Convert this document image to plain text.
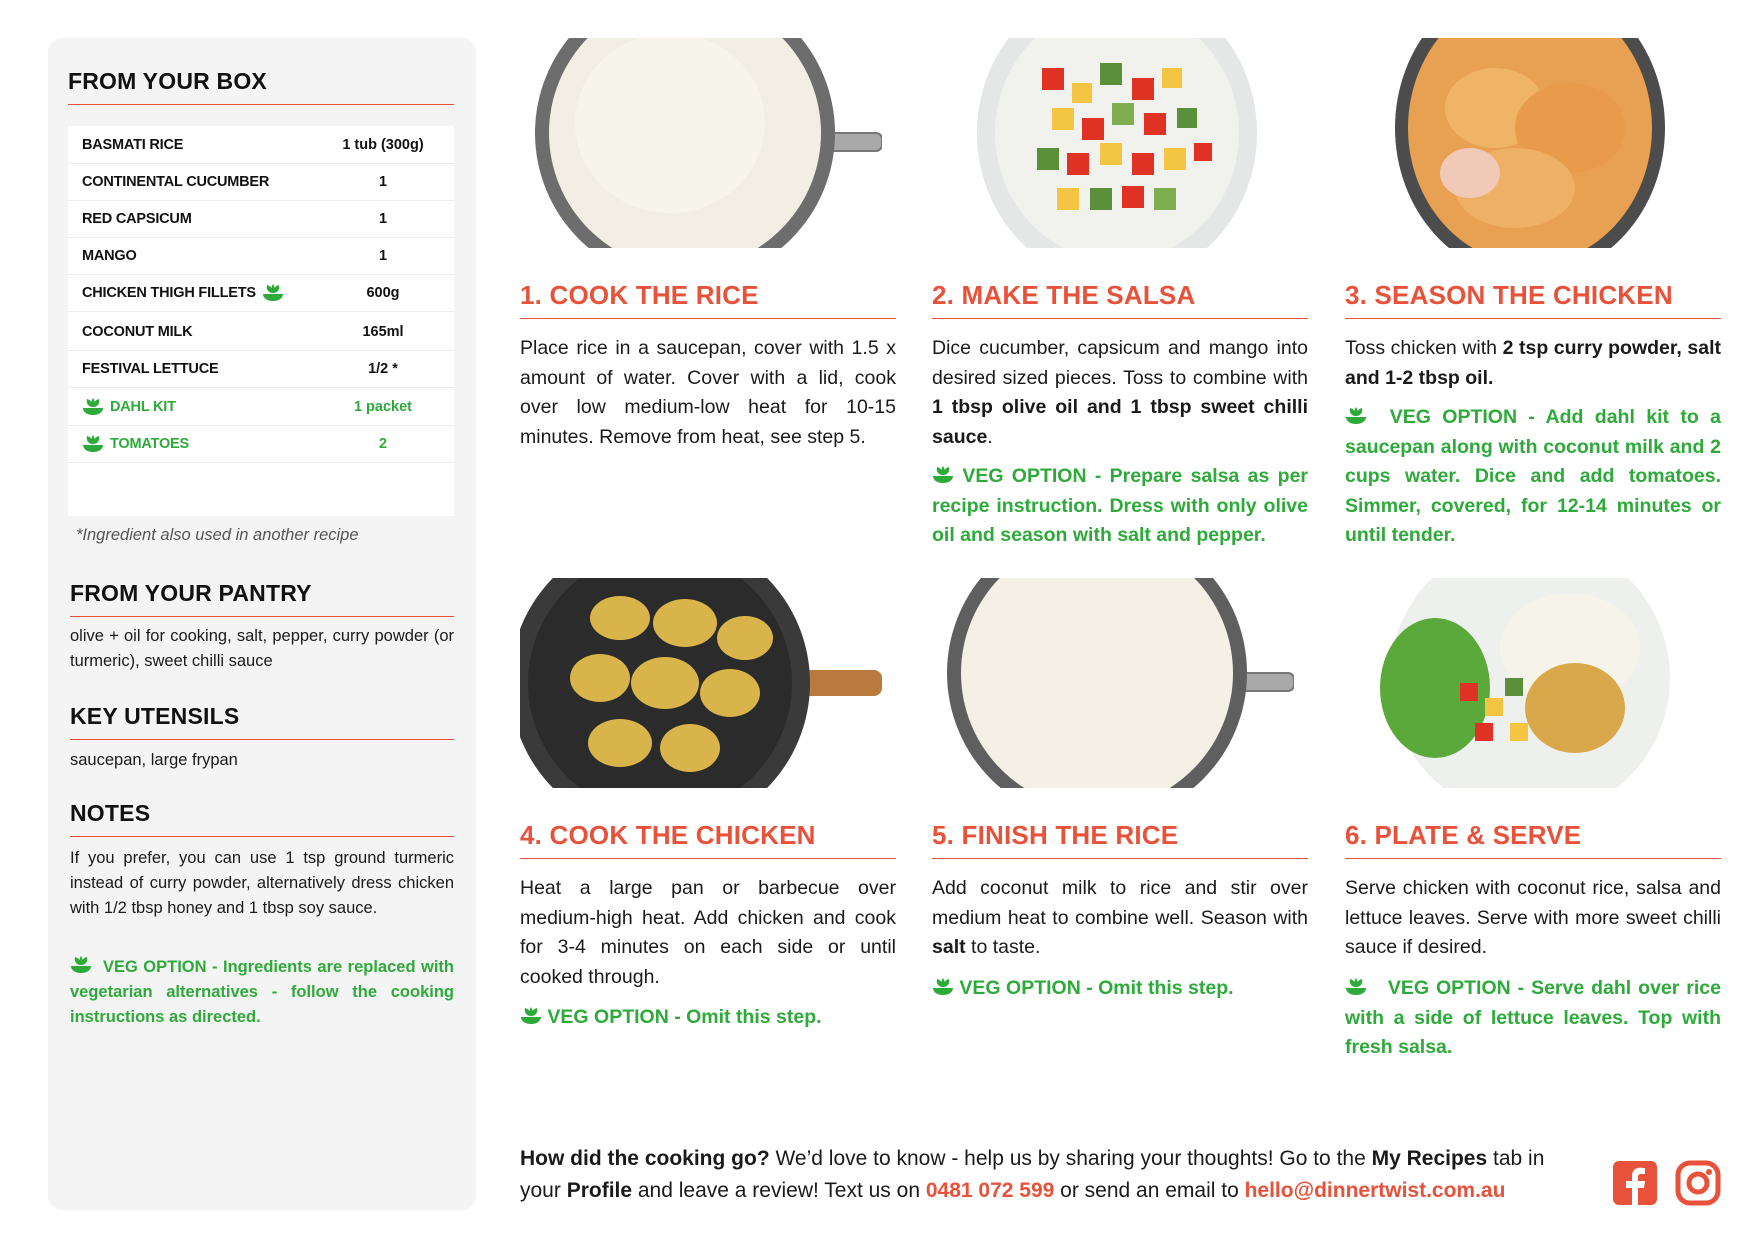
FROM YOUR BOX
BASMATI RICE	1 tub (300g)
CONTINENTAL CUCUMBER	1
RED CAPSICUM	1
MANGO	1
CHICKEN THIGH FILLETS	600g
COCONUT MILK	165ml
FESTIVAL LETTUCE	1/2 *
DAHL KIT	1 packet
TOMATOES	2
*Ingredient also used in another recipe
FROM YOUR PANTRY
olive + oil for cooking, salt, pepper, curry powder (or turmeric), sweet chilli sauce
KEY UTENSILS
saucepan, large frypan
NOTES
If you prefer, you can use 1 tsp ground turmeric instead of curry powder, alternatively dress chicken with 1/2 tbsp honey and 1 tbsp soy sauce.
VEG OPTION - Ingredients are replaced with vegetarian alternatives - follow the cooking instructions as directed.
1. COOK THE RICE
Place rice in a saucepan, cover with 1.5 x amount of water. Cover with a lid, cook over low medium-low heat for 10-15 minutes. Remove from heat, see step 5.
2. MAKE THE SALSA
Dice cucumber, capsicum and mango into desired sized pieces. Toss to combine with 1 tbsp olive oil and 1 tbsp sweet chilli sauce.
VEG OPTION - Prepare salsa as per recipe instruction. Dress with only olive oil and season with salt and pepper.
3. SEASON THE CHICKEN
Toss chicken with 2 tsp curry powder, salt and 1-2 tbsp oil.
VEG OPTION - Add dahl kit to a saucepan along with coconut milk and 2 cups water. Dice and add tomatoes. Simmer, covered, for 12-14 minutes or until tender.
4. COOK THE CHICKEN
Heat a large pan or barbecue over medium-high heat. Add chicken and cook for 3-4 minutes on each side or until cooked through.
VEG OPTION - Omit this step.
5. FINISH THE RICE
Add coconut milk to rice and stir over medium heat to combine well. Season with salt to taste.
VEG OPTION - Omit this step.
6. PLATE & SERVE
Serve chicken with coconut rice, salsa and lettuce leaves. Serve with more sweet chilli sauce if desired.
VEG OPTION - Serve dahl over rice with a side of lettuce leaves. Top with fresh salsa.
How did the cooking go? We’d love to know - help us by sharing your thoughts! Go to the My Recipes tab in your Profile and leave a review! Text us on 0481 072 599 or send an email to hello@dinnertwist.com.au
